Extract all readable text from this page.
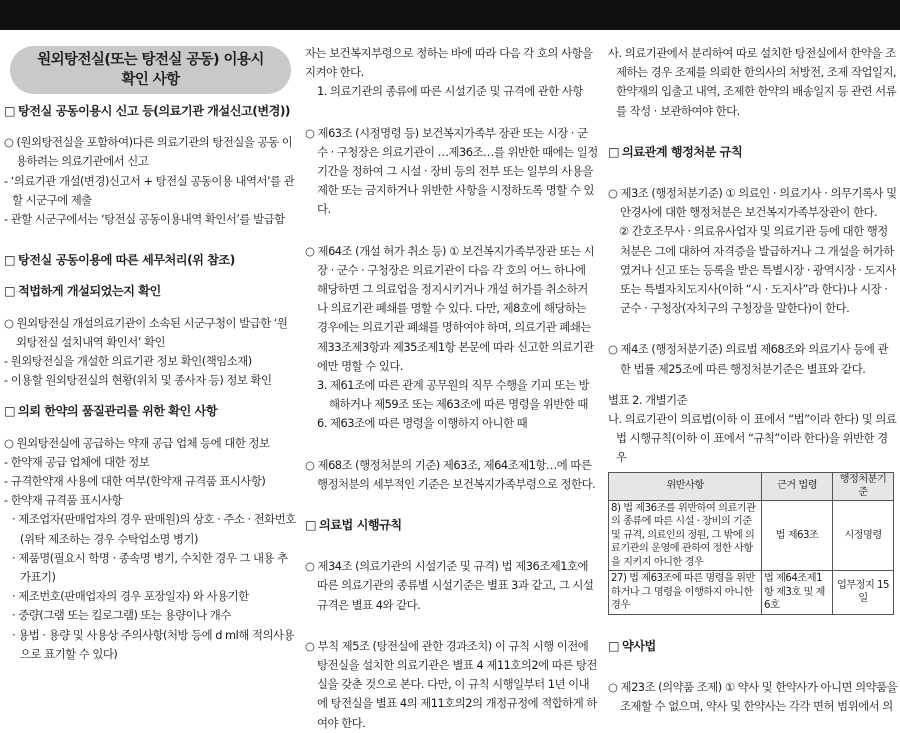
원외탕전실(또는 탕전실 공동) 이용시
확인 사항

□ 탕전실 공동이용시 신고 등(의료기관 개설신고(변경))

○ (원외탕전실을 포함하여)다른 의료기관의 탕전실을 공동 이용하려는 의료기관에서 신고

- ‘의료기관 개설(변경)신고서 + 탕전실 공동이용 내역서’를 관할 시군구에 제출

- 관할 시군구에서는 ‘탕전실 공동이용내역 확인서’를 발급함

□ 탕전실 공동이용에 따른 세무처리(위 참조)

□ 적법하게 개설되었는지 확인

○ 원외탕전실 개설의료기관이 소속된 시군구청이 발급한 ‘원외탕전실 설치내역 확인서’ 확인

- 원외탕전실을 개설한 의료기관 정보 확인(책임소재)

- 이용할 원외탕전실의 현황(위치 및 종사자 등) 정보 확인

□ 의뢰 한약의 품질관리를 위한 확인 사항

○ 원외탕전실에 공급하는 약재 공급 업체 등에 대한 정보

- 한약재 공급 업체에 대한 정보

- 규격한약재 사용에 대한 여부(한약재 규격품 표시사항)

- 한약재 규격품 표시사항

· 제조업자(판매업자의 경우 판매원)의 상호 · 주소 · 전화번호(위탁 제조하는 경우 수탁업소명 병기)

· 제품명(필요시 학명 · 종속명 병기, 수치한 경우 그 내용 추가표기)

· 제조번호(판매업자의 경우 포장일자) 와 사용기한

· 중량(그램 또는 킬로그램) 또는 용량이나 개수

· 용법 · 용량 및 사용상 주의사항(처방 등에 d ml해 적의사용으로 표기할 수 있다)

자는 보건복지부령으로 정하는 바에 따라 다음 각 호의 사항을 지켜야 한다.

1. 의료기관의 종류에 따른 시설기준 및 규격에 관한 사항

○ 제63조 (시정명령 등) 보건복지가족부 장관 또는 시장 · 군수 · 구청장은 의료기관이 …제36조…를 위반한 때에는 일정기간을 정하여 그 시설 · 장비 등의 전부 또는 일부의 사용을 제한 또는 금지하거나 위반한 사항을 시정하도록 명할 수 있다.

○ 제64조 (개설 허가 취소 등) ① 보건복지가족부장관 또는 시장 · 군수 · 구청장은 의료기관이 다음 각 호의 어느 하나에 해당하면 그 의료업을 정지시키거나 개설 허가를 취소하거나 의료기관 폐쇄를 명할 수 있다. 다만, 제8호에 해당하는 경우에는 의료기관 폐쇄를 명하여야 하며, 의료기관 폐쇄는 제33조제3항과 제35조제1항 본문에 따라 신고한 의료기관에만 명할 수 있다.

3. 제61조에 따른 관계 공무원의 직무 수행을 기피 또는 방해하거나 제59조 또는 제63조에 따른 명령을 위반한 때

6. 제63조에 따른 명령을 이행하지 아니한 때

○ 제68조 (행정처분의 기준) 제63조, 제64조제1항…에 따른 행정처분의 세부적인 기준은 보건복지가족부령으로 정한다.

□ 의료법 시행규칙

○ 제34조 (의료기관의 시설기준 및 규격) 법 제36조제1호에 따른 의료기관의 종류별 시설기준은 별표 3과 같고, 그 시설규격은 별표 4와 같다.

○ 부칙 제5조 (탕전실에 관한 경과조치) 이 규칙 시행 이전에 탕전실을 설치한 의료기관은 별표 4 제11호의2에 따른 탕전실을 갖춘 것으로 본다. 다만, 이 규칙 시행일부터 1년 이내에 탕전실을 별표 4의 제11호의2의 개정규정에 적합하게 하여야 한다.

사. 의료기관에서 분리하여 따로 설치한 탕전실에서 한약을 조제하는 경우 조제를 의뢰한 한의사의 처방전, 조제 작업일지, 한약재의 입출고 내역, 조제한 한약의 배송일지 등 관련 서류를 작성 · 보관하여야 한다.

□ 의료관계 행정처분 규칙

○ 제3조 (행정처분기준) ① 의료인 · 의료기사 · 의무기록사 및 안경사에 대한 행정처분은 보건복지가족부장관이 한다.

　② 간호조무사 · 의료유사업자 및 의료기관 등에 대한 행정처분은 그에 대하여 자격증을 발급하거나 그 개설을 허가하였거나 신고 또는 등록을 받은 특별시장 · 광역시장 · 도지사 또는 특별자치도지사(이하 “시 · 도지사”라 한다)나 시장 · 군수 · 구청장(자치구의 구청장을 말한다)이 한다.

○ 제4조 (행정처분기준) 의료법 제68조와 의료기사 등에 관한 법률 제25조에 따른 행정처분기준은 별표와 같다.

별표 2. 개별기준

나. 의료기관이 의료법(이하 이 표에서 “법”이라 한다) 및 의료법 시행규칙(이하 이 표에서 “규칙”이라 한다)을 위반한 경우

위반사항	근거 법령	행정처분기준
8) 법 제36조를 위반하여 의료기관의 종류에 따른 시설 · 장비의 기준 및 규격, 의료인의 정원, 그 밖에 의료기관의 운영에 관하여 정한 사항을 지키지 아니한 경우	법 제63조	시정명령
27) 법 제63조에 따른 명령을 위반하거나 그 명령을 이행하지 아니한 경우	법 제64조제1항 제3호 및 제6호	업무정지 15일

□ 약사법

○ 제23조 (의약품 조제) ① 약사 및 한약사가 아니면 의약품을 조제할 수 없으며, 약사 및 한약사는 각각 면허 범위에서 의
